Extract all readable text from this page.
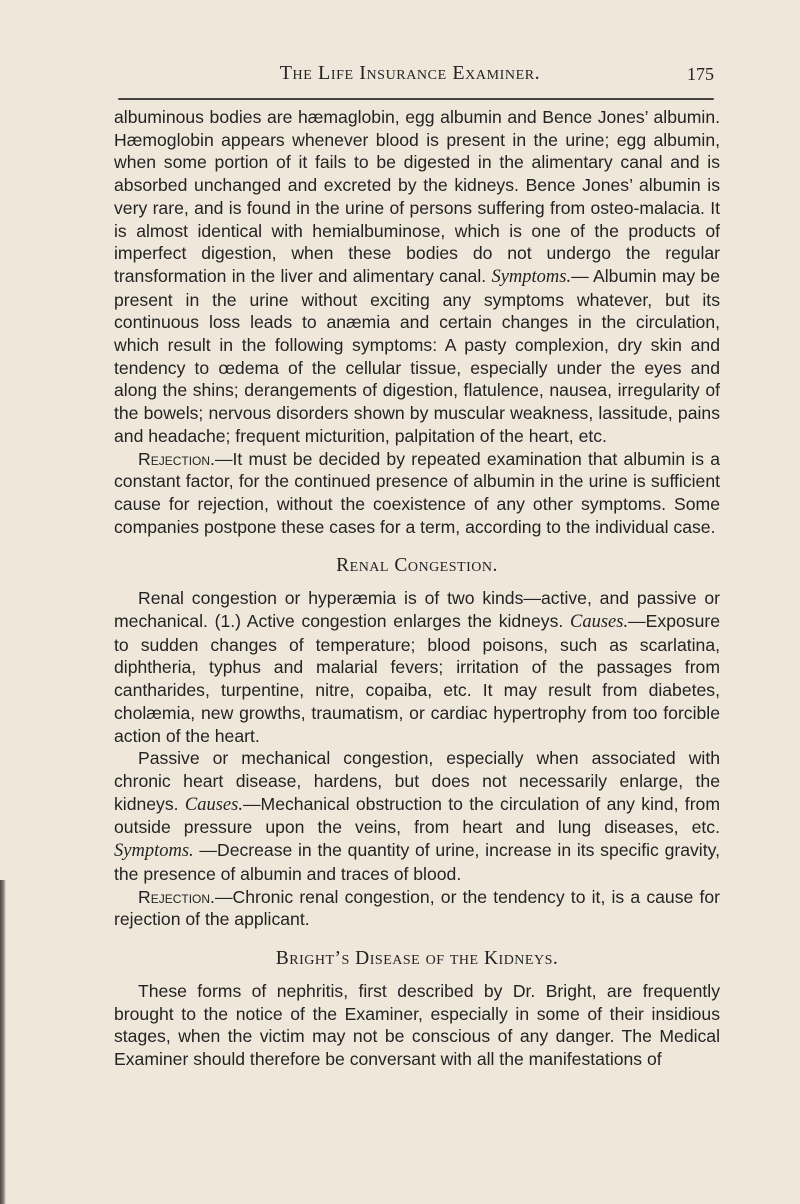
The Life Insurance Examiner.	175

albuminous bodies are hæmaglobin, egg albumin and Bence Jones’ albumin. Hæmoglobin appears whenever blood is present in the urine; egg albumin, when some portion of it fails to be digested in the alimentary canal and is absorbed unchanged and excreted by the kidneys. Bence Jones’ albumin is very rare, and is found in the urine of persons suffering from osteo-malacia. It is almost identical with hemialbuminose, which is one of the products of imperfect digestion, when these bodies do not undergo the regular transformation in the liver and alimentary canal. Symptoms.— Albumin may be present in the urine without exciting any symptoms whatever, but its continuous loss leads to anæmia and certain changes in the circulation, which result in the following symptoms: A pasty complexion, dry skin and tendency to œdema of the cellular tissue, especially under the eyes and along the shins; derangements of digestion, flatulence, nausea, irregularity of the bowels; nervous disorders shown by muscular weakness, lassitude, pains and headache; frequent micturition, palpitation of the heart, etc.

Rejection.—It must be decided by repeated examination that albumin is a constant factor, for the continued presence of albumin in the urine is sufficient cause for rejection, without the coexistence of any other symptoms. Some companies postpone these cases for a term, according to the individual case.

Renal Congestion.

Renal congestion or hyperæmia is of two kinds—active, and passive or mechanical. (1.) Active congestion enlarges the kidneys. Causes.—Exposure to sudden changes of temperature; blood poisons, such as scarlatina, diphtheria, typhus and malarial fevers; irritation of the passages from cantharides, turpentine, nitre, copaiba, etc. It may result from diabetes, cholæmia, new growths, traumatism, or cardiac hypertrophy from too forcible action of the heart.

Passive or mechanical congestion, especially when associated with chronic heart disease, hardens, but does not necessarily enlarge, the kidneys. Causes.—Mechanical obstruction to the circulation of any kind, from outside pressure upon the veins, from heart and lung diseases, etc. Symptoms. —Decrease in the quantity of urine, increase in its specific gravity, the presence of albumin and traces of blood.

Rejection.—Chronic renal congestion, or the tendency to it, is a cause for rejection of the applicant.

Bright’s Disease of the Kidneys.

These forms of nephritis, first described by Dr. Bright, are frequently brought to the notice of the Examiner, especially in some of their insidious stages, when the victim may not be conscious of any danger. The Medical Examiner should therefore be conversant with all the manifestations of
